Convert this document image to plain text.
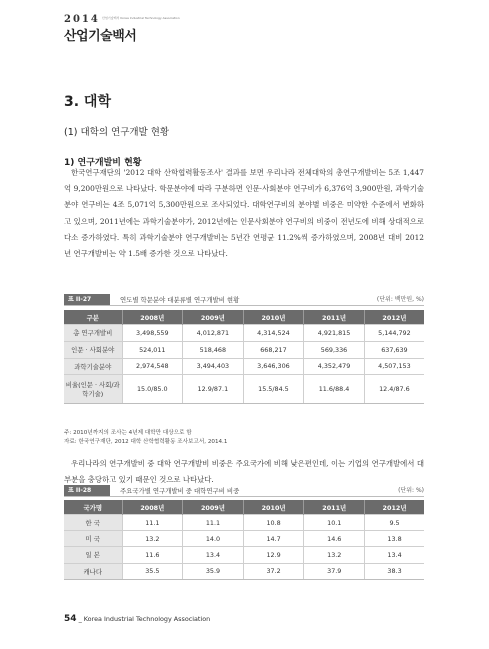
2014 산업기술백서 Korea Industrial Technology Association
산업기술백서
3. 대학
(1) 대학의 연구개발 현황
1) 연구개발비 현황

한국연구재단의 '2012 대학 산학협력활동조사' 결과를 보면 우리나라 전체대학의 총연구개발비는 5조 1,447억 9,200만원으로 나타났다. 학문분야에 따라 구분하면 인문·사회분야 연구비가 6,376억 3,900만원, 과학기술분야 연구비는 4조 5,071억 5,300만원으로 조사되었다. 대학연구비의 분야별 비중은 미약한 수준에서 변화하고 있으며, 2011년에는 과학기술분야가, 2012년에는 인문사회분야 연구비의 비중이 전년도에 비해 상대적으로 다소 증가하였다. 특히 과학기술분야 연구개발비는 5년간 연평균 11.2%씩 증가하였으며, 2008년 대비 2012년 연구개발비는 약 1.5배 증가한 것으로 나타났다.

표 II-27	연도별 학문분야 대분류별 연구개발비 현황	(단위: 백만원, %)
구분	2008년	2009년	2010년	2011년	2012년
총 연구개발비	3,498,559	4,012,871	4,314,524	4,921,815	5,144,792
인문 · 사회분야	524,011	518,468	668,217	569,336	637,639
과학기술분야	2,974,548	3,494,403	3,646,306	4,352,479	4,507,153
비율(인문 · 사회/과학기술)	15.0/85.0	12.9/87.1	15.5/84.5	11.6/88.4	12.4/87.6
주: 2010년까지의 조사는 4년제 대학만 대상으로 함
자료: 한국연구재단, 2012 대학 산학협력활동 조사보고서, 2014.1

우리나라의 연구개발비 중 대학 연구개발비 비중은 주요국가에 비해 낮은편인데, 이는 기업의 연구개발에서 대부분을 충당하고 있기 때문인 것으로 나타났다.

표 II-28	주요국가별 연구개발비 중 대학연구비 비중	(단위: %)
국가명	2008년	2009년	2010년	2011년	2012년
한 국	11.1	11.1	10.8	10.1	9.5
미 국	13.2	14.0	14.7	14.6	13.8
일 본	11.6	13.4	12.9	13.2	13.4
캐나다	35.5	35.9	37.2	37.9	38.3
54 _ Korea Industrial Technology Association
